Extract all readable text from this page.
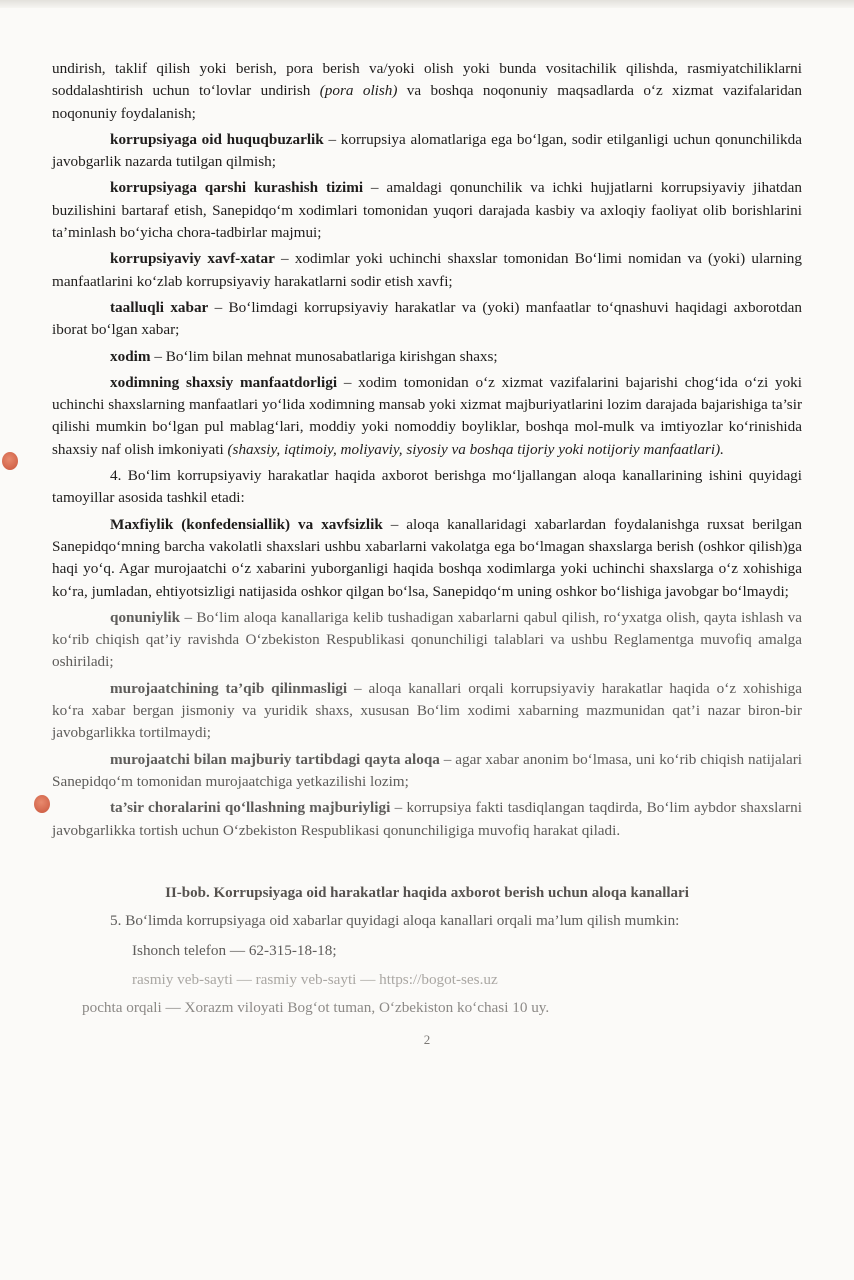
undirish, taklif qilish yoki berish, pora berish va/yoki olish yoki bunda vositachilik qilishda, rasmiyatchiliklarni soddalashtirish uchun to‘lovlar undirish (pora olish) va boshqa noqonuniy maqsadlarda o‘z xizmat vazifalaridan noqonuniy foydalanish;

korrupsiyaga oid huquqbuzarlik – korrupsiya alomatlariga ega bo‘lgan, sodir etilganligi uchun qonunchilikda javobgarlik nazarda tutilgan qilmish;

korrupsiyaga qarshi kurashish tizimi – amaldagi qonunchilik va ichki hujjatlarni korrupsiyaviy jihatdan buzilishini bartaraf etish, Sanepidqo‘m xodimlari tomonidan yuqori darajada kasbiy va axloqiy faoliyat olib borishlarini ta’minlash bo‘yicha chora-tadbirlar majmui;

korrupsiyaviy xavf-xatar – xodimlar yoki uchinchi shaxslar tomonidan Bo‘limi nomidan va (yoki) ularning manfaatlarini ko‘zlab korrupsiyaviy harakatlarni sodir etish xavfi;

taalluqli xabar – Bo‘limdagi korrupsiyaviy harakatlar va (yoki) manfaatlar to‘qnashuvi haqidagi axborotdan iborat bo‘lgan xabar;

xodim – Bo‘lim bilan mehnat munosabatlariga kirishgan shaxs;

xodimning shaxsiy manfaatdorligi – xodim tomonidan o‘z xizmat vazifalarini bajarishi chog‘ida o‘zi yoki uchinchi shaxslarning manfaatlari yo‘lida xodimning mansab yoki xizmat majburiyatlarini lozim darajada bajarishiga ta’sir qilishi mumkin bo‘lgan pul mablag‘lari, moddiy yoki nomoddiy boyliklar, boshqa mol-mulk va imtiyozlar ko‘rinishida shaxsiy naf olish imkoniyati (shaxsiy, iqtimoiy, moliyaviy, siyosiy va boshqa tijoriy yoki notijoriy manfaatlari).

4. Bo‘lim korrupsiyaviy harakatlar haqida axborot berishga mo‘ljallangan aloqa kanallarining ishini quyidagi tamoyillar asosida tashkil etadi:

Maxfiylik (konfedensiallik) va xavfsizlik – aloqa kanallaridagi xabarlardan foydalanishga ruxsat berilgan Sanepidqo‘mning barcha vakolatli shaxslari ushbu xabarlarni vakolatga ega bo‘lmagan shaxslarga berish (oshkor qilish)ga haqi yo‘q. Agar murojaatchi o‘z xabarini yuborganligi haqida boshqa xodimlarga yoki uchinchi shaxslarga o‘z xohishiga ko‘ra, jumladan, ehtiyotsizligi natijasida oshkor qilgan bo‘lsa, Sanepidqo‘m uning oshkor bo‘lishiga javobgar bo‘lmaydi;

qonuniylik – Bo‘lim aloqa kanallariga kelib tushadigan xabarlarni qabul qilish, ro‘yxatga olish, qayta ishlash va ko‘rib chiqish qat’iy ravishda O‘zbekiston Respublikasi qonunchiligi talablari va ushbu Reglamentga muvofiq amalga oshiriladi;

murojaatchining ta’qib qilinmasligi – aloqa kanallari orqali korrupsiyaviy harakatlar haqida o‘z xohishiga ko‘ra xabar bergan jismoniy va yuridik shaxs, xususan Bo‘lim xodimi xabarning mazmunidan qat’i nazar biron-bir javobgarlikka tortilmaydi;

murojaatchi bilan majburiy tartibdagi qayta aloqa – agar xabar anonim bo‘lmasa, uni ko‘rib chiqish natijalari Sanepidqo‘m tomonidan murojaatchiga yetkazilishi lozim;

ta’sir choralarini qo‘llashning majburiyligi – korrupsiya fakti tasdiqlangan taqdirda, Bo‘lim aybdor shaxslarni javobgarlikka tortish uchun O‘zbekiston Respublikasi qonunchiligiga muvofiq harakat qiladi.

II-bob. Korrupsiyaga oid harakatlar haqida axborot berish uchun aloqa kanallari

5. Bo‘limda korrupsiyaga oid xabarlar quyidagi aloqa kanallari orqali ma’lum qilish mumkin:

Ishonch telefon — 62-315-18-18;

rasmiy veb-sayti — rasmiy veb-sayti — https://bogot-ses.uz

pochta orqali — Xorazm viloyati Bog‘ot tuman, O‘zbekiston ko‘chasi 10 uy.

2
